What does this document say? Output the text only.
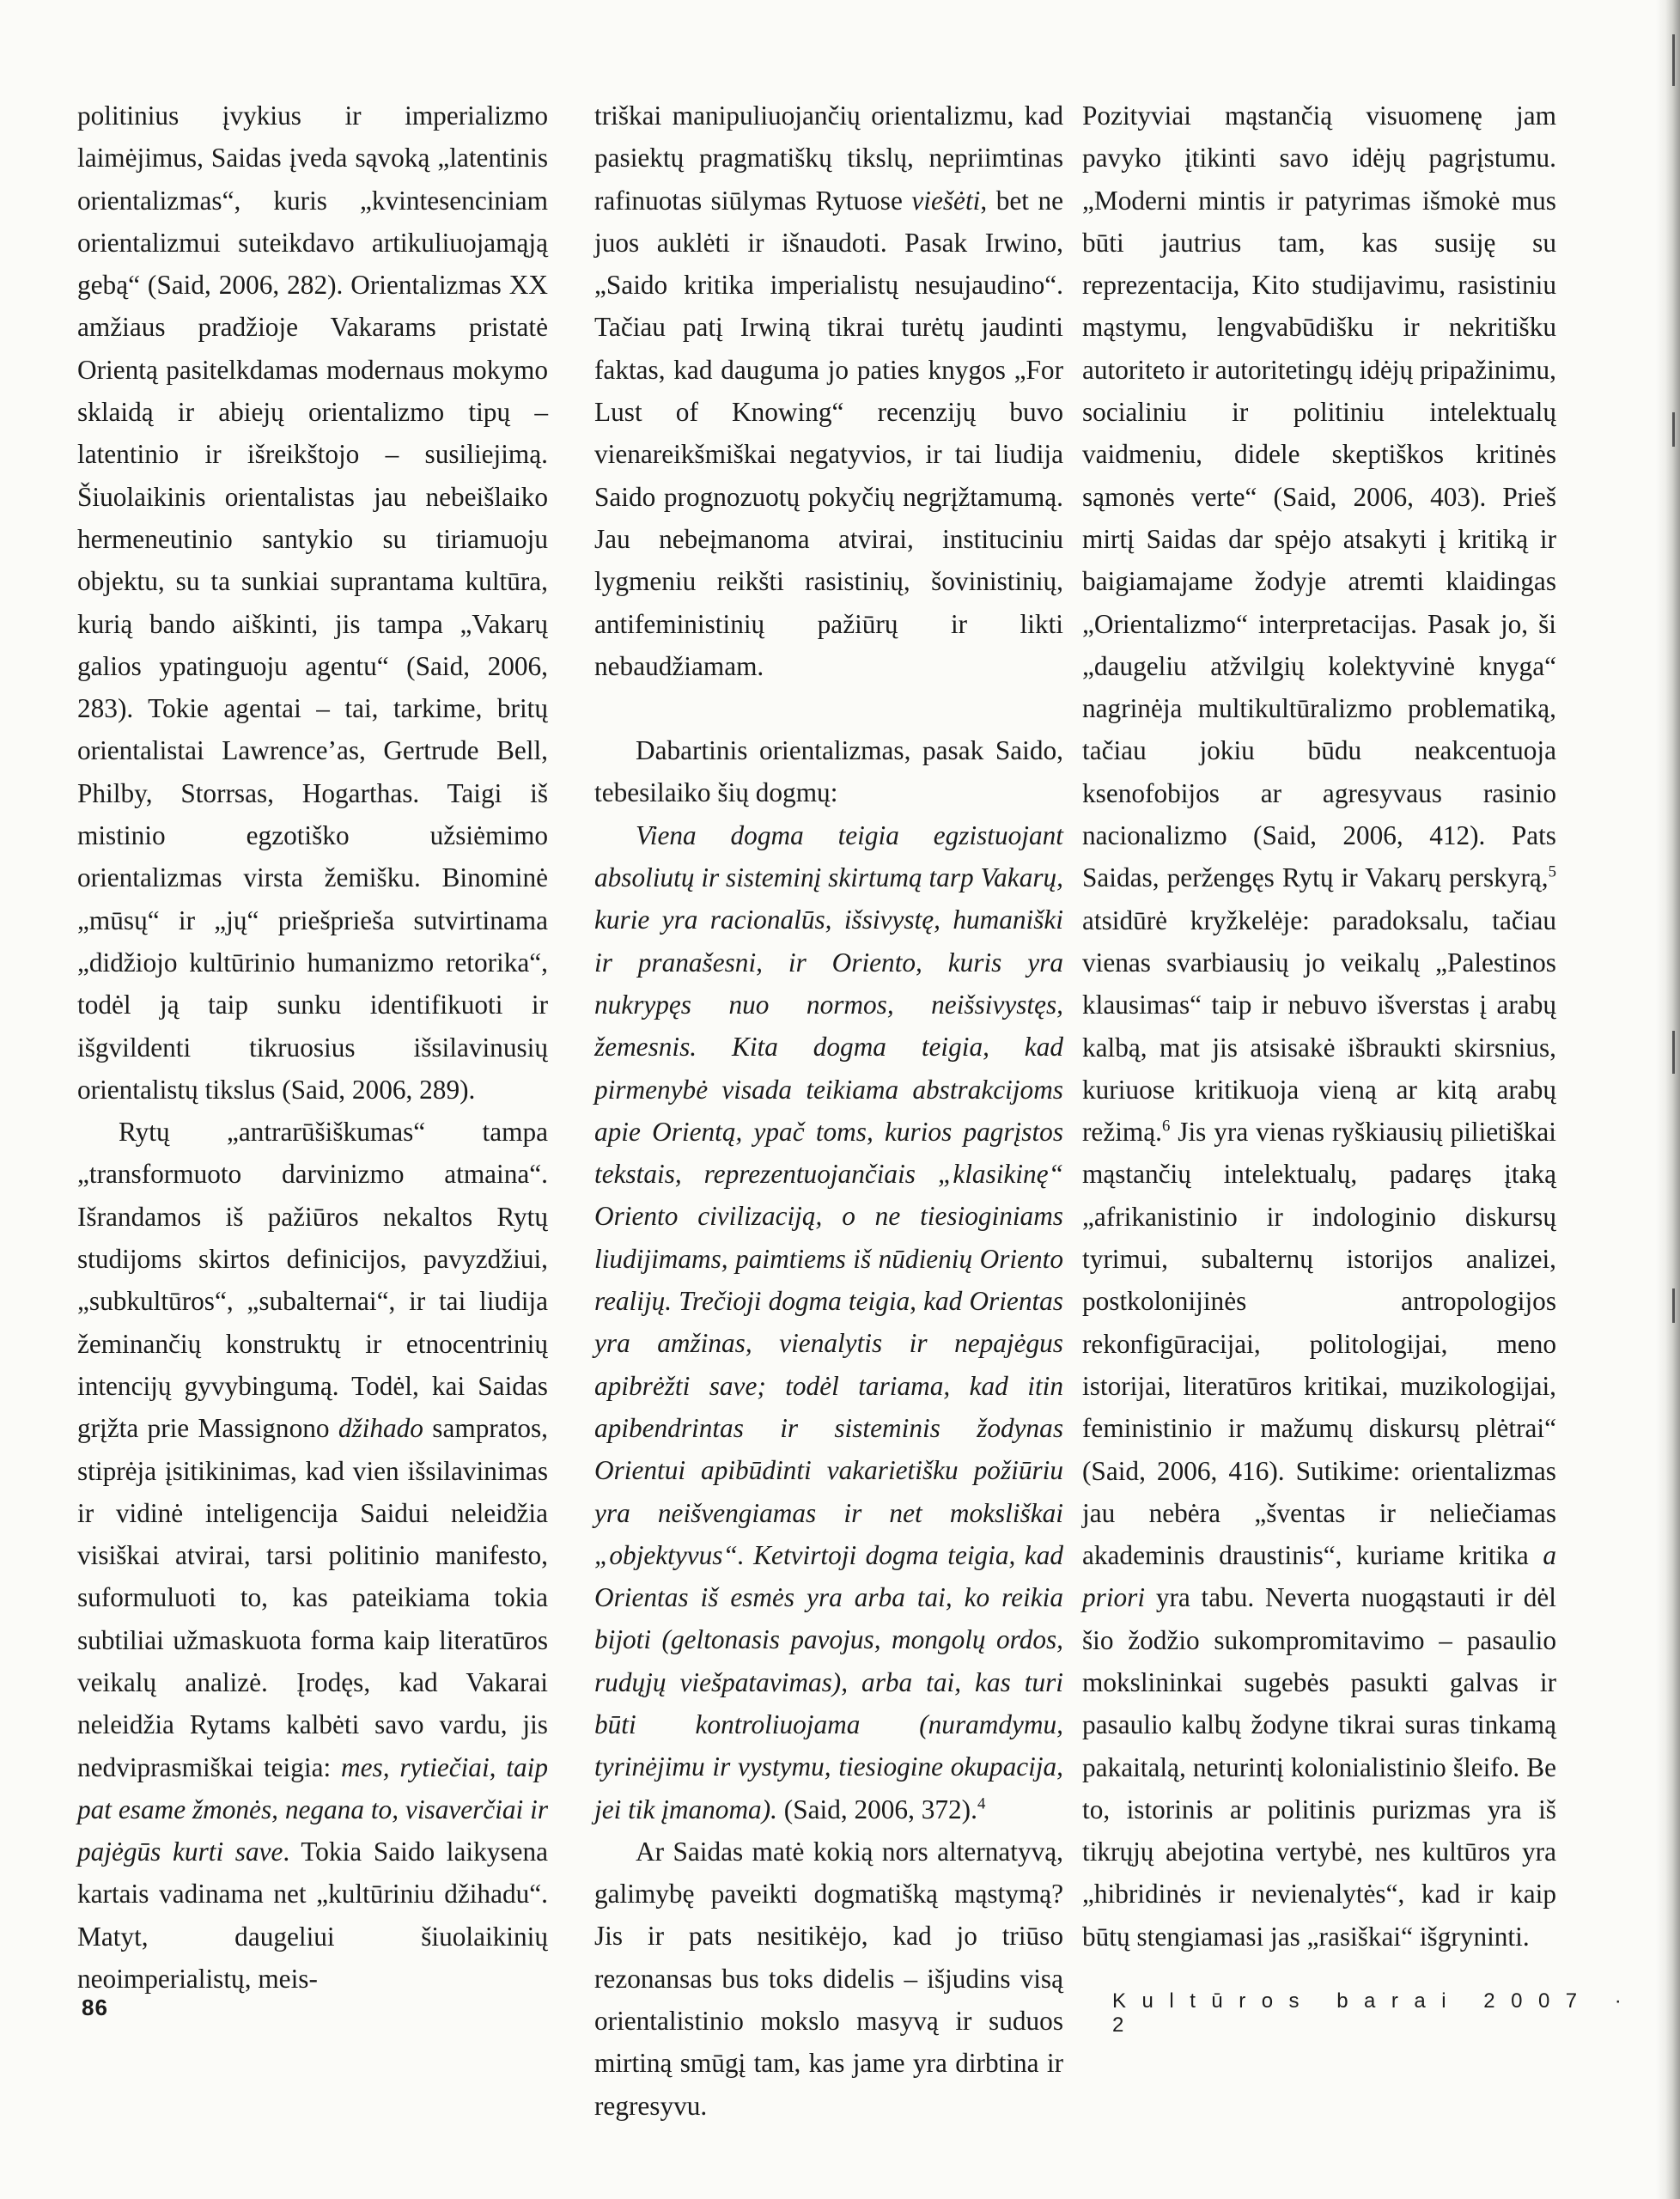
politinius įvykius ir imperializmo laimėjimus, Saidas įveda sąvoką „latentinis orientalizmas“, kuris „kvintesenciniam orientalizmui suteikdavo artikuliuojamąją gebą“ (Said, 2006, 282). Orientalizmas XX amžiaus pradžioje Vakarams pristatė Orientą pasitelkdamas modernaus mokymo sklaidą ir abiejų orientalizmo tipų – latentinio ir išreikštojo – susiliejimą. Šiuolaikinis orientalistas jau nebeišlaiko hermeneutinio santykio su tiriamuoju objektu, su ta sunkiai suprantama kultūra, kurią bando aiškinti, jis tampa „Vakarų galios ypatinguoju agentu“ (Said, 2006, 283). Tokie agentai – tai, tarkime, britų orientalistai Lawrence’as, Gertrude Bell, Philby, Storrsas, Hogarthas. Taigi iš mistinio egzotiško užsiėmimo orientalizmas virsta žemišku. Binominė „mūsų“ ir „jų“ priešprieša sutvirtinama „didžiojo kultūrinio humanizmo retorika“, todėl ją taip sunku identifikuoti ir išgvildenti tikruosius išsilavinusių orientalistų tikslus (Said, 2006, 289).

Rytų „antrarūšiškumas“ tampa „transformuoto darvinizmo atmaina“. Išrandamos iš pažiūros nekaltos Rytų studijoms skirtos definicijos, pavyzdžiui, „subkultūros“, „subalternai“, ir tai liudija žeminančių konstruktų ir etnocentrinių intencijų gyvybingumą. Todėl, kai Saidas grįžta prie Massignono džihado sampratos, stiprėja įsitikinimas, kad vien išsilavinimas ir vidinė inteligencija Saidui neleidžia visiškai atvirai, tarsi politinio manifesto, suformuluoti to, kas pateikiama tokia subtiliai užmaskuota forma kaip literatūros veikalų analizė. Įrodęs, kad Vakarai neleidžia Rytams kalbėti savo vardu, jis nedviprasmiškai teigia: mes, rytiečiai, taip pat esame žmonės, negana to, visaverčiai ir pajėgūs kurti save. Tokia Saido laikysena kartais vadinama net „kultūriniu džihadu“. Matyt, daugeliui šiuolaikinių neoimperialistų, meis-

triškai manipuliuojančių orientalizmu, kad pasiektų pragmatiškų tikslų, nepriimtinas rafinuotas siūlymas Rytuose viešėti, bet ne juos auklėti ir išnaudoti. Pasak Irwino, „Saido kritika imperialistų nesujaudino“. Tačiau patį Irwiną tikrai turėtų jaudinti faktas, kad dauguma jo paties knygos „For Lust of Knowing“ recenzijų buvo vienareikšmiškai negatyvios, ir tai liudija Saido prognozuotų pokyčių negrįžtamumą. Jau nebeįmanoma atvirai, instituciniu lygmeniu reikšti rasistinių, šovinistinių, antifeministinių pažiūrų ir likti nebaudžiamam.

Dabartinis orientalizmas, pasak Saido, tebesilaiko šių dogmų:

Viena dogma teigia egzistuojant absoliutų ir sisteminį skirtumą tarp Vakarų, kurie yra racionalūs, išsivystę, humaniški ir pranašesni, ir Oriento, kuris yra nukrypęs nuo normos, neišsivystęs, žemesnis. Kita dogma teigia, kad pirmenybė visada teikiama abstrakcijoms apie Orientą, ypač toms, kurios pagrįstos tekstais, reprezentuojančiais „klasikinę“ Oriento civilizaciją, o ne tiesioginiams liudijimams, paimtiems iš nūdienių Oriento realijų. Trečioji dogma teigia, kad Orientas yra amžinas, vienalytis ir nepajėgus apibrėžti save; todėl tariama, kad itin apibendrintas ir sisteminis žodynas Orientui apibūdinti vakarietišku požiūriu yra neišvengiamas ir net moksliškai „objektyvus“. Ketvirtoji dogma teigia, kad Orientas iš esmės yra arba tai, ko reikia bijoti (geltonasis pavojus, mongolų ordos, rudųjų viešpatavimas), arba tai, kas turi būti kontroliuojama (nuramdymu, tyrinėjimu ir vystymu, tiesiogine okupacija, jei tik įmanoma). (Said, 2006, 372).$^4$

Ar Saidas matė kokią nors alternatyvą, galimybę paveikti dogmatišką mąstymą? Jis ir pats nesitikėjo, kad jo triūso rezonansas bus toks didelis – išjudins visą orientalistinio mokslo masyvą ir suduos mirtiną smūgį tam, kas jame yra dirbtina ir regresyvu.

Pozityviai mąstančią visuomenę jam pavyko įtikinti savo idėjų pagrįstumu. „Moderni mintis ir patyrimas išmokė mus būti jautrius tam, kas susiję su reprezentacija, Kito studijavimu, rasistiniu mąstymu, lengvabūdišku ir nekritišku autoriteto ir autoritetingų idėjų pripažinimu, socialiniu ir politiniu intelektualų vaidmeniu, didele skeptiškos kritinės sąmonės verte“ (Said, 2006, 403). Prieš mirtį Saidas dar spėjo atsakyti į kritiką ir baigiamajame žodyje atremti klaidingas „Orientalizmo“ interpretacijas. Pasak jo, ši „daugeliu atžvilgių kolektyvinė knyga“ nagrinėja multikultūralizmo problematiką, tačiau jokiu būdu neakcentuoja ksenofobijos ar agresyvaus rasinio nacionalizmo (Said, 2006, 412). Pats Saidas, peržengęs Rytų ir Vakarų perskyrą,$^5$ atsidūrė kryžkelėje: paradoksalu, tačiau vienas svarbiausių jo veikalų „Palestinos klausimas“ taip ir nebuvo išverstas į arabų kalbą, mat jis atsisakė išbraukti skirsnius, kuriuose kritikuoja vieną ar kitą arabų režimą.$^6$ Jis yra vienas ryškiausių pilietiškai mąstančių intelektualų, padaręs įtaką „afrikanistinio ir indologinio diskursų tyrimui, subalternų istorijos analizei, postkolonijinės antropologijos rekonfigūracijai, politologijai, meno istorijai, literatūros kritikai, muzikologijai, feministinio ir mažumų diskursų plėtrai“ (Said, 2006, 416). Sutikime: orientalizmas jau nebėra „šventas ir neliečiamas akademinis draustinis“, kuriame kritika a priori yra tabu. Neverta nuogąstauti ir dėl šio žodžio sukompromitavimo – pasaulio mokslininkai sugebės pasukti galvas ir pasaulio kalbų žodyne tikrai suras tinkamą pakaitalą, neturintį kolonialistinio šleifo. Be to, istorinis ar politinis purizmas yra iš tikrųjų abejotina vertybė, nes kultūros yra „hibridinės ir nevienalytės“, kad ir kaip būtų stengiamasi jas „rasiškai“ išgryninti.

86	Kultūros barai 2007 · 2
